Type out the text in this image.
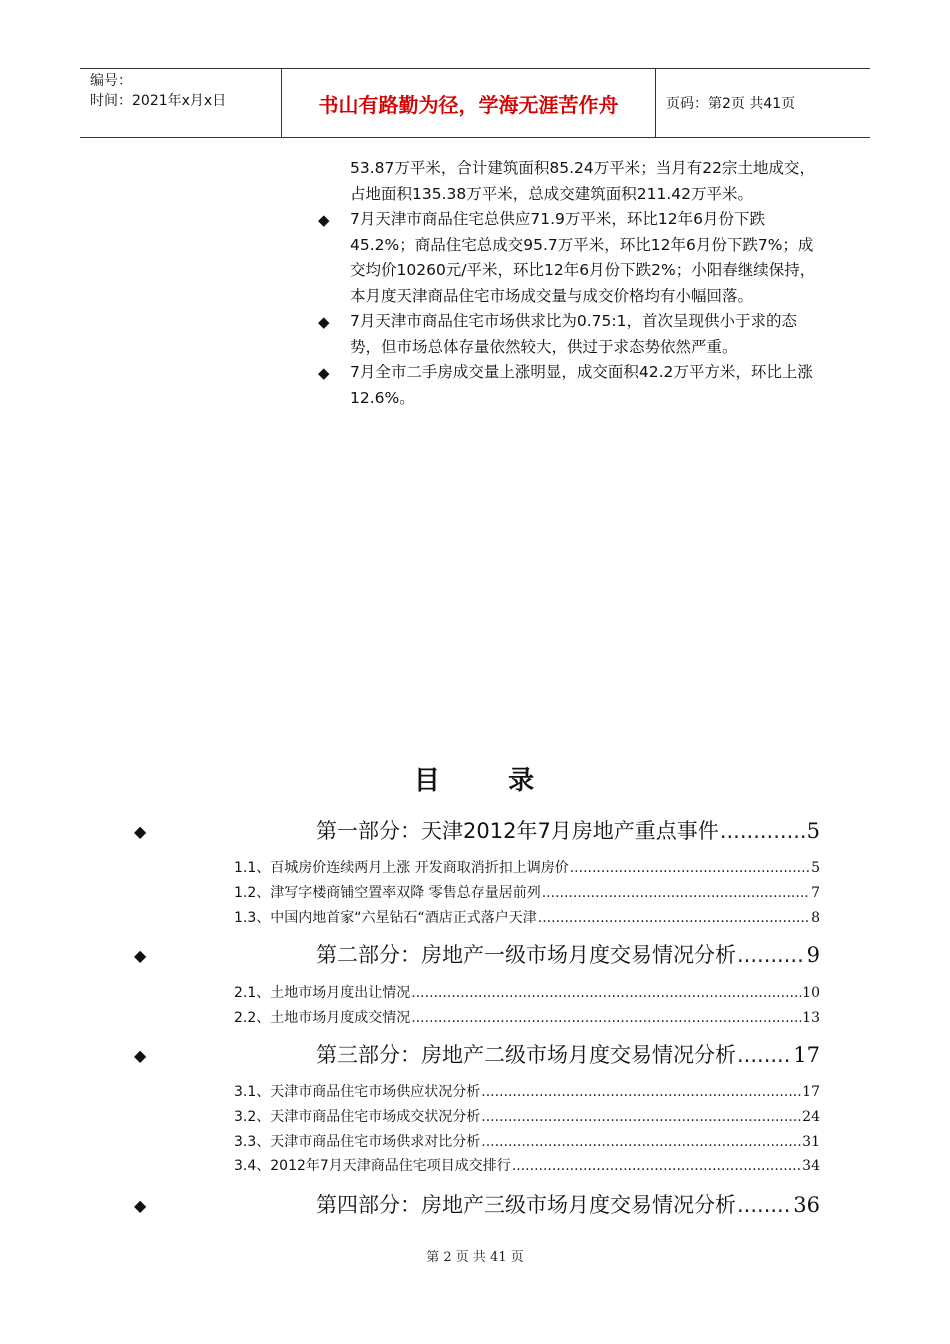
编号：
时间：2021年x月x日	书山有路勤为径，学海无涯苦作舟	页码：第2页 共41页
53.87万平米，合计建筑面积85.24万平米；当月有22宗土地成交，占地面积135.38万平米，总成交建筑面积211.42万平米。
◆ 7月天津市商品住宅总供应71.9万平米，环比12年6月份下跌45.2%；商品住宅总成交95.7万平米，环比12年6月份下跌7%；成交均价10260元/平米，环比12年6月份下跌2%；小阳春继续保持，本月度天津商品住宅市场成交量与成交价格均有小幅回落。
◆ 7月天津市商品住宅市场供求比为0.75:1，首次呈现供小于求的态势，但市场总体存量依然较大，供过于求态势依然严重。
◆ 7月全市二手房成交量上涨明显，成交面积42.2万平方米，环比上涨12.6%。
目	录
◆	第一部分：天津2012年7月房地产重点事件 .....	5
1.1、百城房价连续两月上涨 开发商取消折扣上调房价 .....	5
1.2、津写字楼商铺空置率双降 零售总存量居前列 .....	7
1.3、中国内地首家“六星钻石“酒店正式落户天津 .....	8
◆	第二部分：房地产一级市场月度交易情况分析 .....	9
2.1、土地市场月度出让情况 .....	10
2.2、土地市场月度成交情况 .....	13
◆	第三部分：房地产二级市场月度交易情况分析 .....	17
3.1、天津市商品住宅市场供应状况分析 .....	17
3.2、天津市商品住宅市场成交状况分析 .....	24
3.3、天津市商品住宅市场供求对比分析 .....	31
3.4、2012年7月天津商品住宅项目成交排行 .....	34
◆	第四部分：房地产三级市场月度交易情况分析 .....	36
第 2 页 共 41 页
